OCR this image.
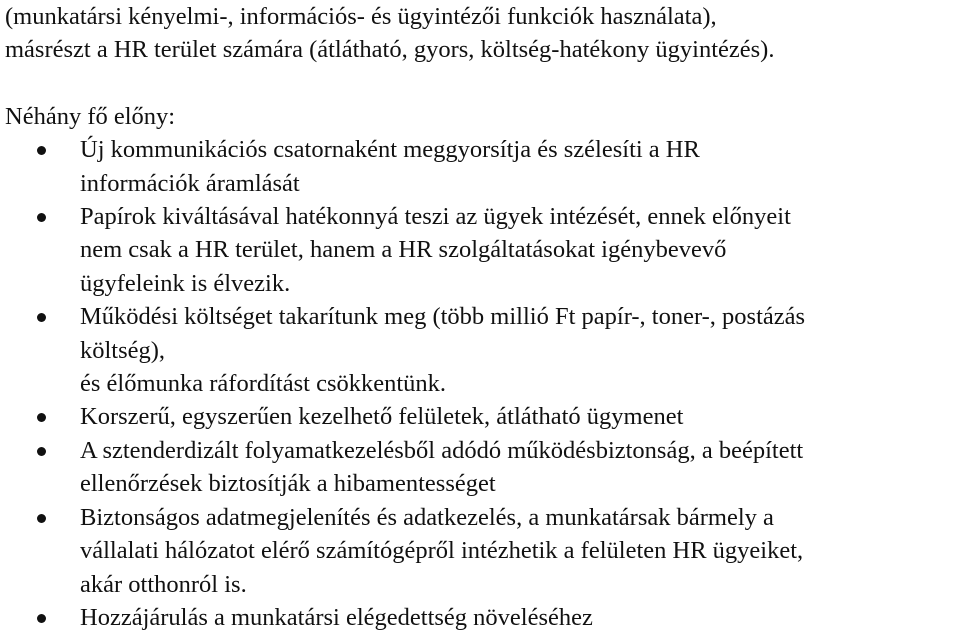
(munkatársi kényelmi-, információs- és ügyintézői funkciók használata),
másrészt a HR terület számára (átlátható, gyors, költség-hatékony ügyintézés).

Néhány fő előny:

Új kommunikációs csatornaként meggyorsítja és szélesíti a HR
információk áramlását
Papírok kiváltásával hatékonnyá teszi az ügyek intézését, ennek előnyeit
nem csak a HR terület, hanem a HR szolgáltatásokat igénybevevő
ügyfeleink is élvezik.
Működési költséget takarítunk meg (több millió Ft papír-, toner-, postázás
költség),
és élőmunka ráfordítást csökkentünk.
Korszerű, egyszerűen kezelhető felületek, átlátható ügymenet
A sztenderdizált folyamatkezelésből adódó működésbiztonság, a beépített
ellenőrzések biztosítják a hibamentességet
Biztonságos adatmegjelenítés és adatkezelés, a munkatársak bármely a
vállalati hálózatot elérő számítógépről intézhetik a felületen HR ügyeiket,
akár otthonról is.
Hozzájárulás a munkatársi elégedettség növeléséhez
